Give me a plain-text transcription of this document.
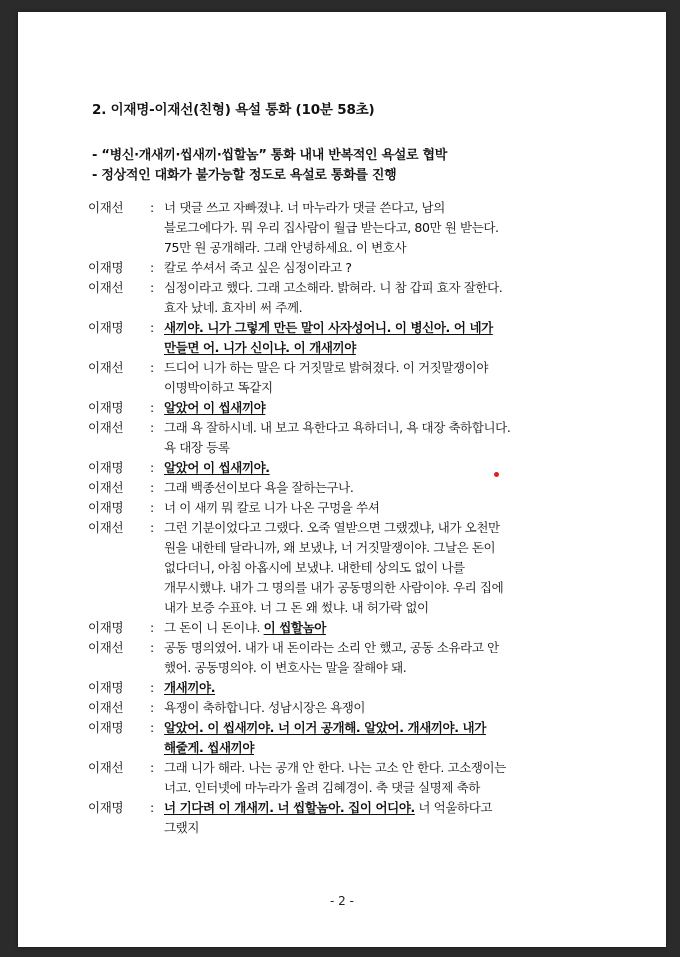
2. 이재명-이재선(친형) 욕설 통화 (10분 58초)
- “병신·개새끼·씹새끼·씹할놈” 통화 내내 반복적인 욕설로 협박
- 정상적인 대화가 불가능할 정도로 욕설로 통화를 진행
이재선	: 너 댓글 쓰고 자빠졌냐. 너 마누라가 댓글 쓴다고, 남의
블로그에다가. 뭐 우리 집사람이 월급 받는다고, 80만 원 받는다.
75만 원 공개해라. 그래 안녕하세요. 이 변호사
이재명	: 칼로 쑤셔서 죽고 싶은 심정이라고 ?
이재선	: 심정이라고 했다. 그래 고소해라. 밝혀라. 니 참 갑피 효자 잘한다.
효자 났네. 효자비 써 주께.
이재명	: 새끼야. 니가 그렇게 만든 말이 사자성어니. 이 병신아. 어 네가
만들면 어. 니가 신이냐. 이 개새끼야
이재선	: 드디어 니가 하는 말은 다 거짓말로 밝혀졌다. 이 거짓말쟁이야
이명박이하고 똑같지
이재명	: 알았어 이 씹새끼야
이재선	: 그래 욕 잘하시네. 내 보고 욕한다고 욕하더니, 욕 대장 축하합니다.
욕 대장 등록
이재명	: 알았어 이 씹새끼야.
이재선	: 그래 백종선이보다 욕을 잘하는구나.
이재명	: 너 이 새끼 뭐 칼로 니가 나온 구멍을 쑤셔
이재선	: 그런 기분이었다고 그랬다. 오죽 열받으면 그랬겠냐, 내가 오천만
원을 내한테 달라니까, 왜 보냈냐, 너 거짓말쟁이야. 그날은 돈이
없다더니, 아침 아홉시에 보냈냐. 내한테 상의도 없이 나를
개무시했냐. 내가 그 명의를 내가 공동명의한 사람이야. 우리 집에
내가 보증 수표야. 너 그 돈 왜 썼냐. 내 허가락 없이
이재명	: 그 돈이 니 돈이냐. 이 씹할놈아
이재선	: 공동 명의였어. 내가 내 돈이라는 소리 안 했고, 공동 소유라고 안
했어. 공동명의야. 이 변호사는 말을 잘해야 돼.
이재명	: 개새끼야.
이재선	: 욕쟁이 축하합니다. 성남시장은 욕쟁이
이재명	: 알았어. 이 씹새끼야. 너 이거 공개해. 알았어. 개새끼야. 내가
해줄게. 씹새끼야
이재선	: 그래 니가 해라. 나는 공개 안 한다. 나는 고소 안 한다. 고소쟁이는
너고. 인터넷에 마누라가 올려 김혜경이. 축 댓글 실명제 축하
이재명	: 너 기다려 이 개새끼. 너 씹할놈아. 집이 어디야. 너 억울하다고
그랬지
- 2 -
